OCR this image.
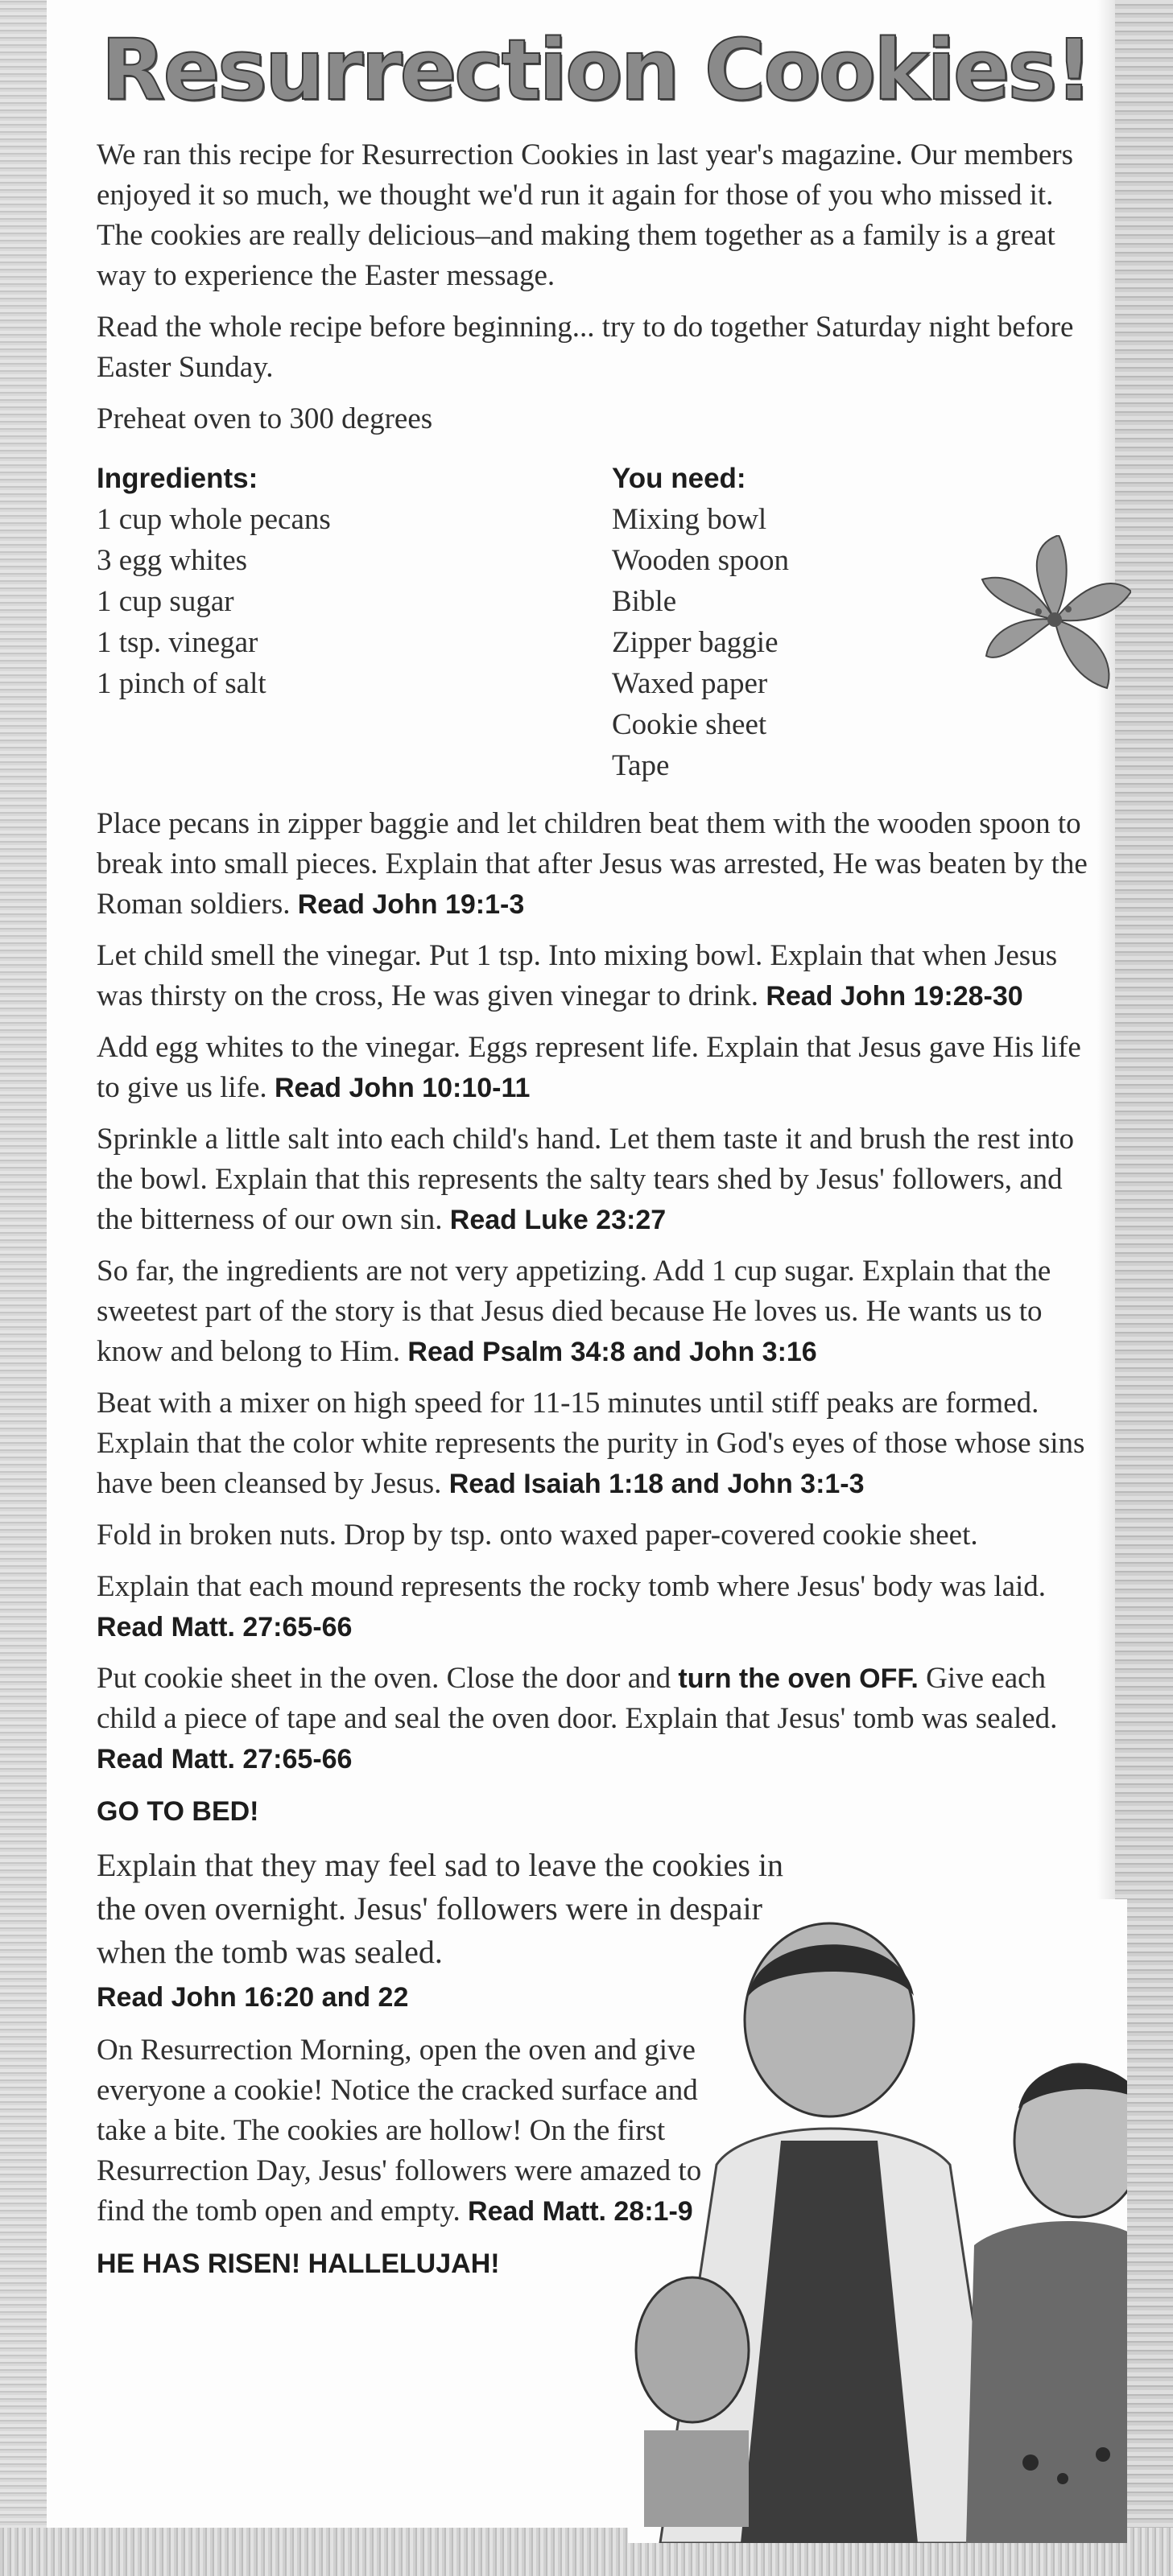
Resurrection Cookies!

We ran this recipe for Resurrection Cookies in last year's magazine. Our members enjoyed it so much, we thought we'd run it again for those of you who missed it. The cookies are really delicious–and making them together as a family is a great way to experience the Easter message.

Read the whole recipe before beginning... try to do together Saturday night before Easter Sunday.

Preheat oven to 300 degrees

Ingredients:
1 cup whole pecans
3 egg whites
1 cup sugar
1 tsp. vinegar
1 pinch of salt
You need:
Mixing bowl
Wooden spoon
Bible
Zipper baggie
Waxed paper
Cookie sheet
Tape

Place pecans in zipper baggie and let children beat them with the wooden spoon to break into small pieces. Explain that after Jesus was arrested, He was beaten by the Roman soldiers. Read John 19:1-3

Let child smell the vinegar. Put 1 tsp. Into mixing bowl. Explain that when Jesus was thirsty on the cross, He was given vinegar to drink. Read John 19:28-30

Add egg whites to the vinegar. Eggs represent life. Explain that Jesus gave His life to give us life. Read John 10:10-11

Sprinkle a little salt into each child's hand. Let them taste it and brush the rest into the bowl. Explain that this represents the salty tears shed by Jesus' followers, and the bitterness of our own sin. Read Luke 23:27

So far, the ingredients are not very appetizing. Add 1 cup sugar. Explain that the sweetest part of the story is that Jesus died because He loves us. He wants us to know and belong to Him. Read Psalm 34:8 and John 3:16

Beat with a mixer on high speed for 11-15 minutes until stiff peaks are formed. Explain that the color white represents the purity in God's eyes of those whose sins have been cleansed by Jesus. Read Isaiah 1:18 and John 3:1-3

Fold in broken nuts. Drop by tsp. onto waxed paper-covered cookie sheet.

Explain that each mound represents the rocky tomb where Jesus' body was laid. Read Matt. 27:65-66

Put cookie sheet in the oven. Close the door and turn the oven OFF. Give each child a piece of tape and seal the oven door. Explain that Jesus' tomb was sealed. Read Matt. 27:65-66

GO TO BED!

Explain that they may feel sad to leave the cookies in the oven overnight. Jesus' followers were in despair when the tomb was sealed.
Read John 16:20 and 22

On Resurrection Morning, open the oven and give everyone a cookie! Notice the cracked surface and take a bite. The cookies are hollow! On the first Resurrection Day, Jesus' followers were amazed to find the tomb open and empty. Read Matt. 28:1-9

HE HAS RISEN! HALLELUJAH!
